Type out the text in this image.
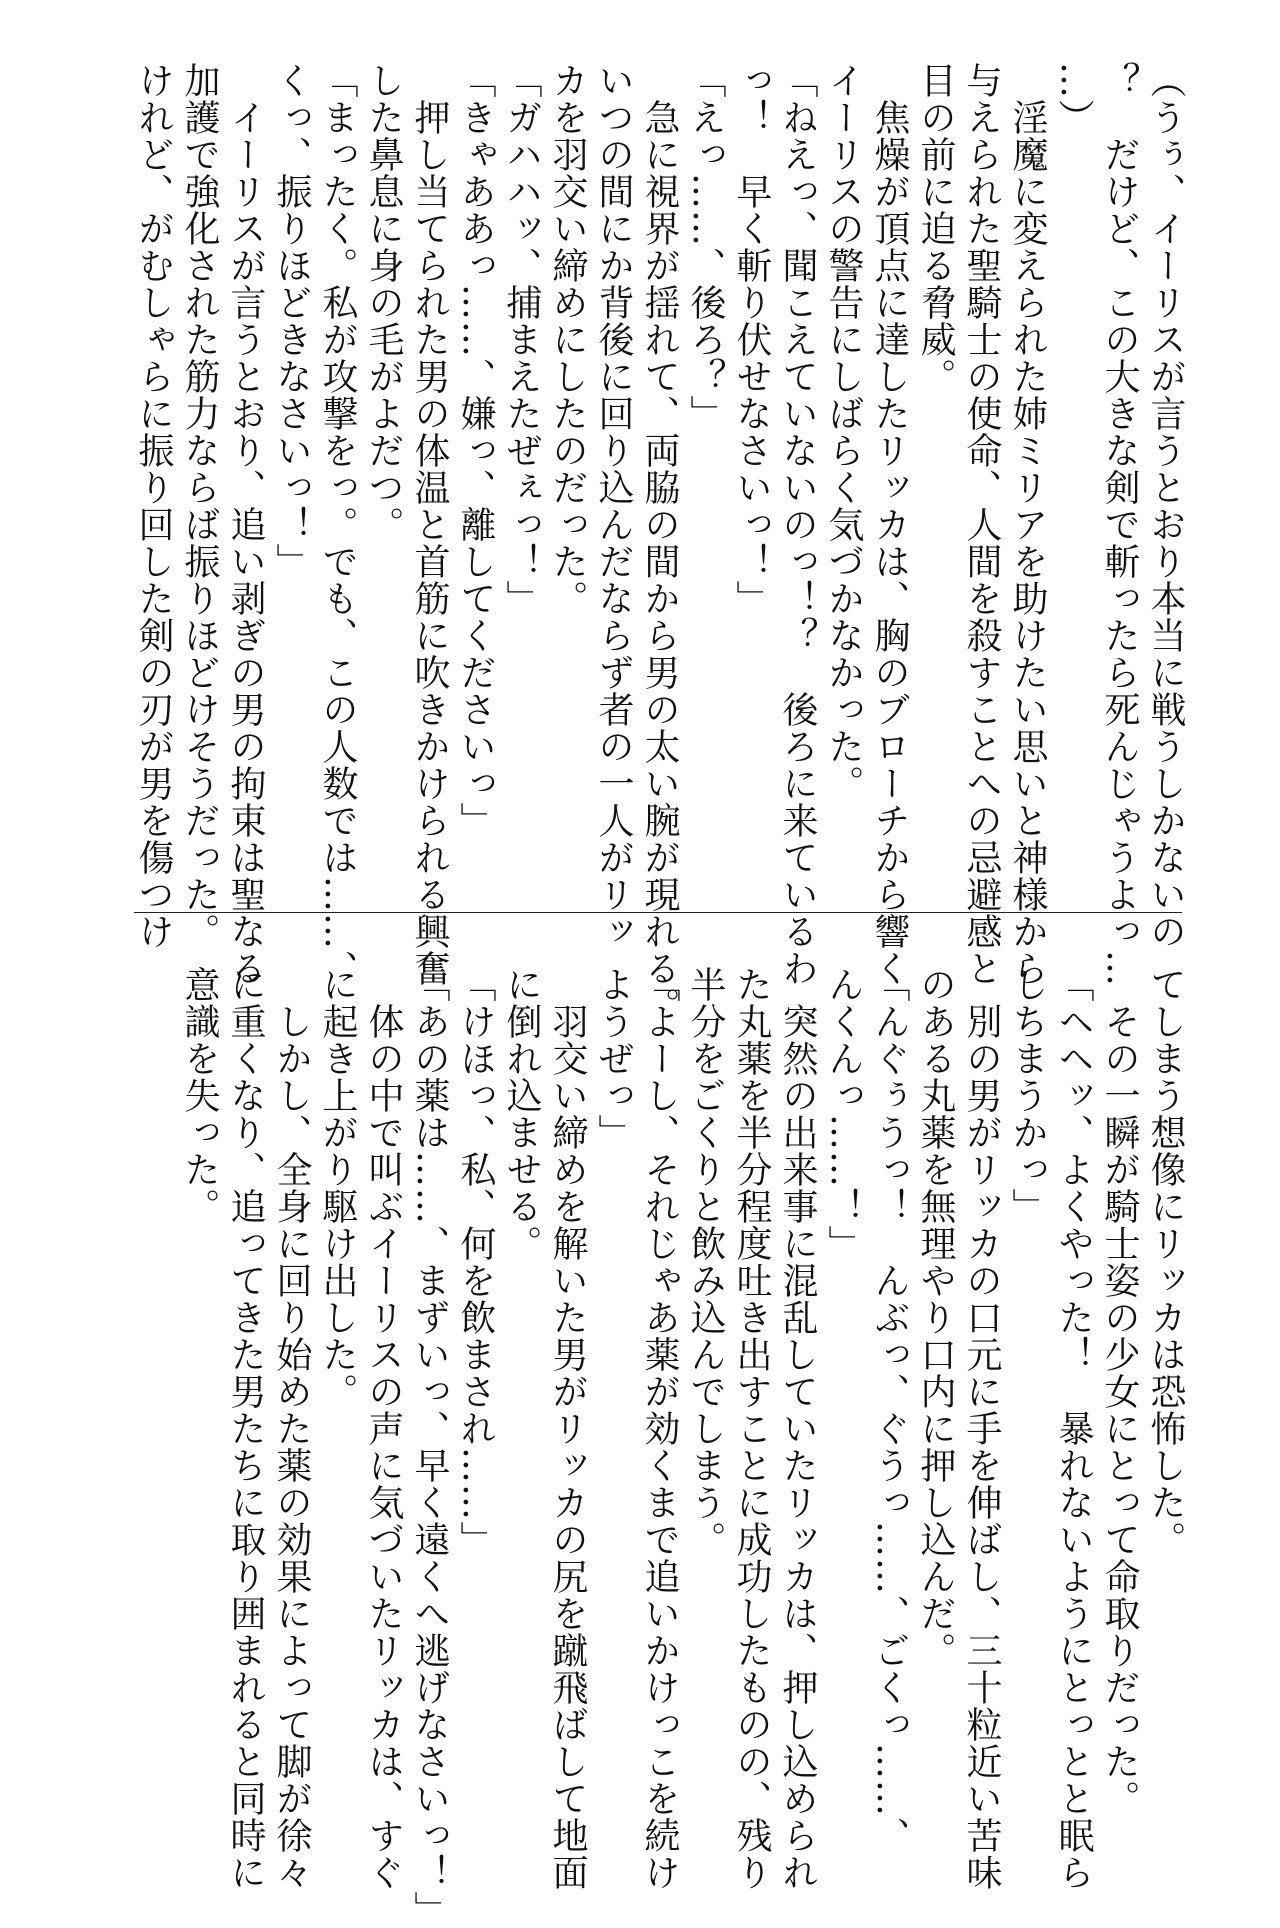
（うぅ、イーリスが言うとおり本当に戦うしかないの
？　だけど、この大きな剣で斬ったら死んじゃうよっ…
…）
　淫魔に変えられた姉ミリアを助けたい思いと神様から
与えられた聖騎士の使命、人間を殺すことへの忌避感と
目の前に迫る脅威。
　焦燥が頂点に達したリッカは、胸のブローチから響く
イーリスの警告にしばらく気づかなかった。
「ねえっ、聞こえていないのっ！？　後ろに来ているわ
っ！　早く斬り伏せなさいっ！」
「えっ……、後ろ？」
　急に視界が揺れて、両脇の間から男の太い腕が現れる。
いつの間にか背後に回り込んだならず者の一人がリッ
カを羽交い締めにしたのだった。
「ガハハッ、捕まえたぜぇっ！」
「きゃああっ……、嫌っ、離してくださいっ」
　押し当てられた男の体温と首筋に吹きかけられる興奮
した鼻息に身の毛がよだつ。
「まったく。私が攻撃をっ。でも、この人数では……、
くっ、振りほどきなさいっ！」
　イーリスが言うとおり、追い剥ぎの男の拘束は聖なる
加護で強化された筋力ならば振りほどけそうだった。
けれど、がむしゃらに振り回した剣の刃が男を傷つけ
てしまう想像にリッカは恐怖した。
　その一瞬が騎士姿の少女にとって命取りだった。
「ヘヘッ、よくやった！　暴れないようにとっとと眠ら
しちまうかっ」
　別の男がリッカの口元に手を伸ばし、三十粒近い苦味
のある丸薬を無理やり口内に押し込んだ。
「んぐぅうっ！　んぶっ、ぐうっ……、ごくっ……、
んくんっ……！」
　突然の出来事に混乱していたリッカは、押し込められ
た丸薬を半分程度吐き出すことに成功したものの、残り
半分をごくりと飲み込んでしまう。
「よーし、それじゃあ薬が効くまで追いかけっこを続け
ようぜっ」
　羽交い締めを解いた男がリッカの尻を蹴飛ばして地面
に倒れ込ませる。
「けほっ、私、何を飲まされ……」
「あの薬は……、まずいっ、早く遠くへ逃げなさいっ！」
　体の中で叫ぶイーリスの声に気づいたリッカは、すぐ
に起き上がり駆け出した。
　しかし、全身に回り始めた薬の効果によって脚が徐々
に重くなり、追ってきた男たちに取り囲まれると同時に
意識を失った。
